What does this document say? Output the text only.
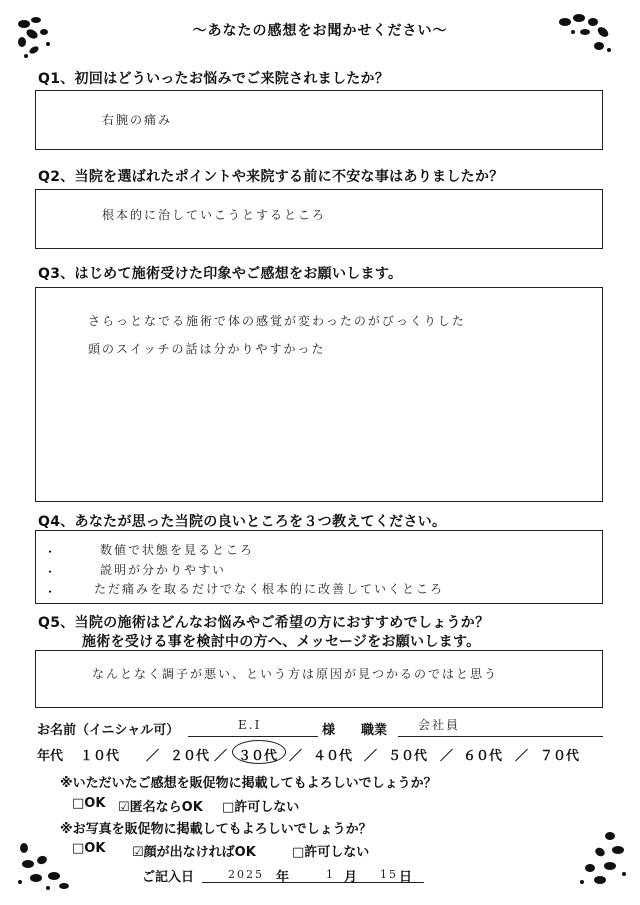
～あなたの感想をお聞かせください～
Q1、初回はどういったお悩みでご来院されましたか？
右腕の痛み
Q2、当院を選ばれたポイントや来院する前に不安な事はありましたか？
根本的に治していこうとするところ
Q3、はじめて施術受けた印象やご感想をお願いします。
さらっとなでる施術で体の感覚が変わったのがびっくりした
頭のスイッチの話は分かりやすかった
Q4、あなたが思った当院の良いところを３つ教えてください。
・	数値で状態を見るところ
・	説明が分かりやすい
・	ただ痛みを取るだけでなく根本的に改善していくところ
Q5、当院の施術はどんなお悩みやご希望の方におすすめでしょうか？
施術を受ける事を検討中の方へ、メッセージをお願いします。
なんとなく調子が悪い、という方は原因が見つかるのではと思う
お名前（イニシャル可）	E.I	様 職業	会社員
年代 １０代 ／ ２０代 ／ ３０代 ／ ４０代 ／ ５０代 ／ ６０代 ／ ７０代
※いただいたご感想を販促物に掲載してもよろしいでしょうか？
□OK ☑匿名ならOK □許可しない
※お写真を販促物に掲載してもよろしいでしょうか？
□OK ☑顔が出なければOK	□許可しない
ご記入日	2025 年	1 月 15 日
